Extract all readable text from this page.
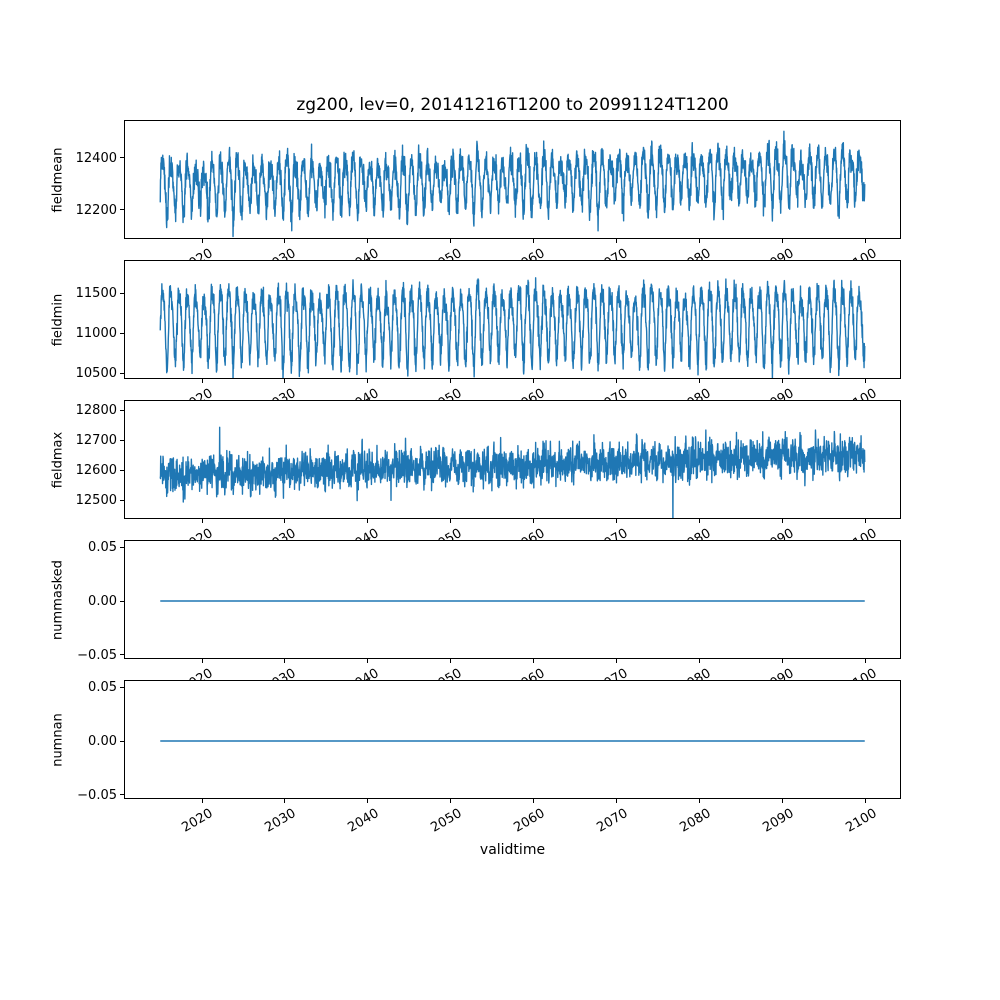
zg200, lev=0, 20141216T1200 to 20991124T1200
12400
12200
fieldmean
11500
11000
10500
fieldmin
12800
12700
12600
12500
fieldmax
0.05
0.00
−0.05
nummasked
0.05
0.00
−0.05
numnan
2020	2030	2040	2050	2060	2070	2080	2090	2100
validtime
